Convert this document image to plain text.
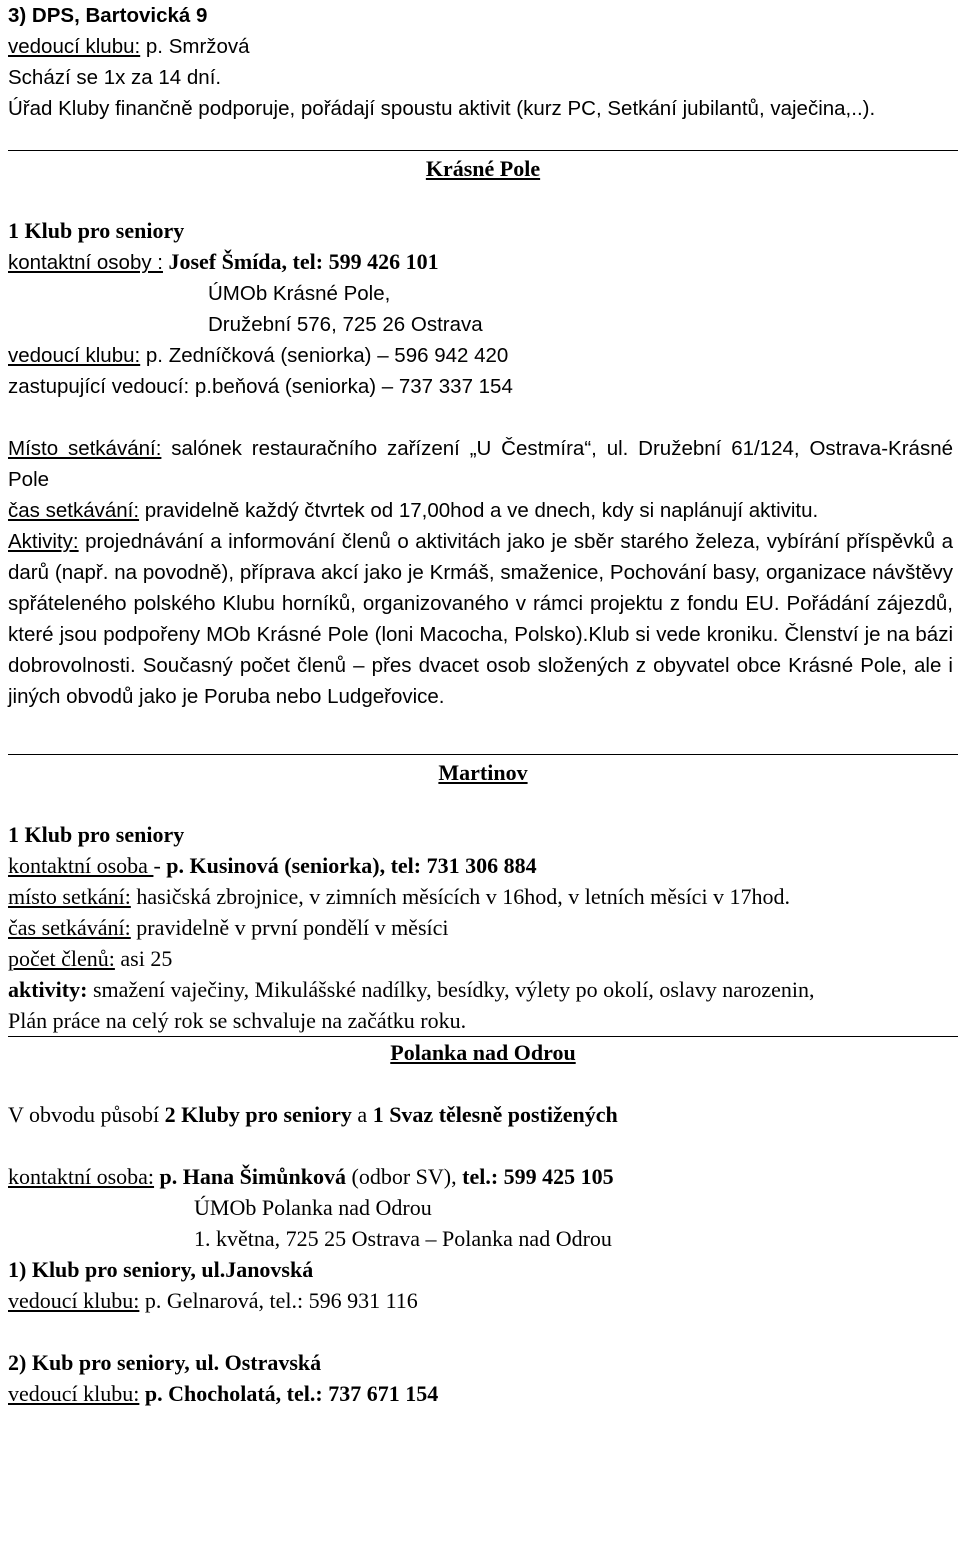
3) DPS, Bartovická 9
vedoucí klubu: p. Smržová
Schází se 1x za 14 dní.
Úřad Kluby finančně podporuje, pořádají spoustu aktivit (kurz PC, Setkání jubilantů, vaječina,..).
Krásné Pole
1 Klub pro seniory
kontaktní osoby : Josef Šmída, tel: 599 426 101
ÚMOb Krásné Pole,
Družební 576, 725 26 Ostrava
vedoucí klubu: p. Zedníčková (seniorka) – 596 942 420
zastupující vedoucí: p.beňová (seniorka) – 737 337 154
Místo setkávání: salónek restauračního zařízení „U Čestmíra“, ul. Družební 61/124, Ostrava-Krásné Pole
čas setkávání: pravidelně každý čtvrtek od 17,00hod a ve dnech, kdy si naplánují aktivitu.
Aktivity: projednávání a informování členů o aktivitách jako je sběr starého železa, vybírání příspěvků a darů (např. na povodně), příprava akcí jako je Krmáš, smaženice, Pochování basy, organizace návštěvy spřáteleného polského Klubu horníků, organizovaného v rámci projektu z fondu EU. Pořádání zájezdů, které jsou podpořeny MOb Krásné Pole (loni Macocha, Polsko).Klub si vede kroniku. Členství je na bázi dobrovolnosti. Současný počet členů – přes dvacet osob složených z obyvatel obce Krásné Pole, ale i jiných obvodů jako je Poruba nebo Ludgeřovice.
Martinov
1 Klub pro seniory
kontaktní osoba - p. Kusinová (seniorka), tel: 731 306 884
místo setkání: hasičská zbrojnice, v zimních měsících v 16hod, v letních měsíci v 17hod.
čas setkávání: pravidelně v první pondělí v měsíci
počet členů: asi 25
aktivity: smažení vaječiny, Mikulášské nadílky, besídky, výlety po okolí, oslavy narozenin,
Plán práce na celý rok se schvaluje na začátku roku.
Polanka nad Odrou
V obvodu působí 2 Kluby pro seniory a 1 Svaz tělesně postižených
kontaktní osoba: p. Hana Šimůnková (odbor SV), tel.: 599 425 105
ÚMOb Polanka nad Odrou
1. května, 725 25 Ostrava – Polanka nad Odrou
1) Klub pro seniory, ul.Janovská
vedoucí klubu: p. Gelnarová, tel.: 596 931 116
2) Kub pro seniory, ul. Ostravská
vedoucí klubu: p. Chocholatá, tel.: 737 671 154
